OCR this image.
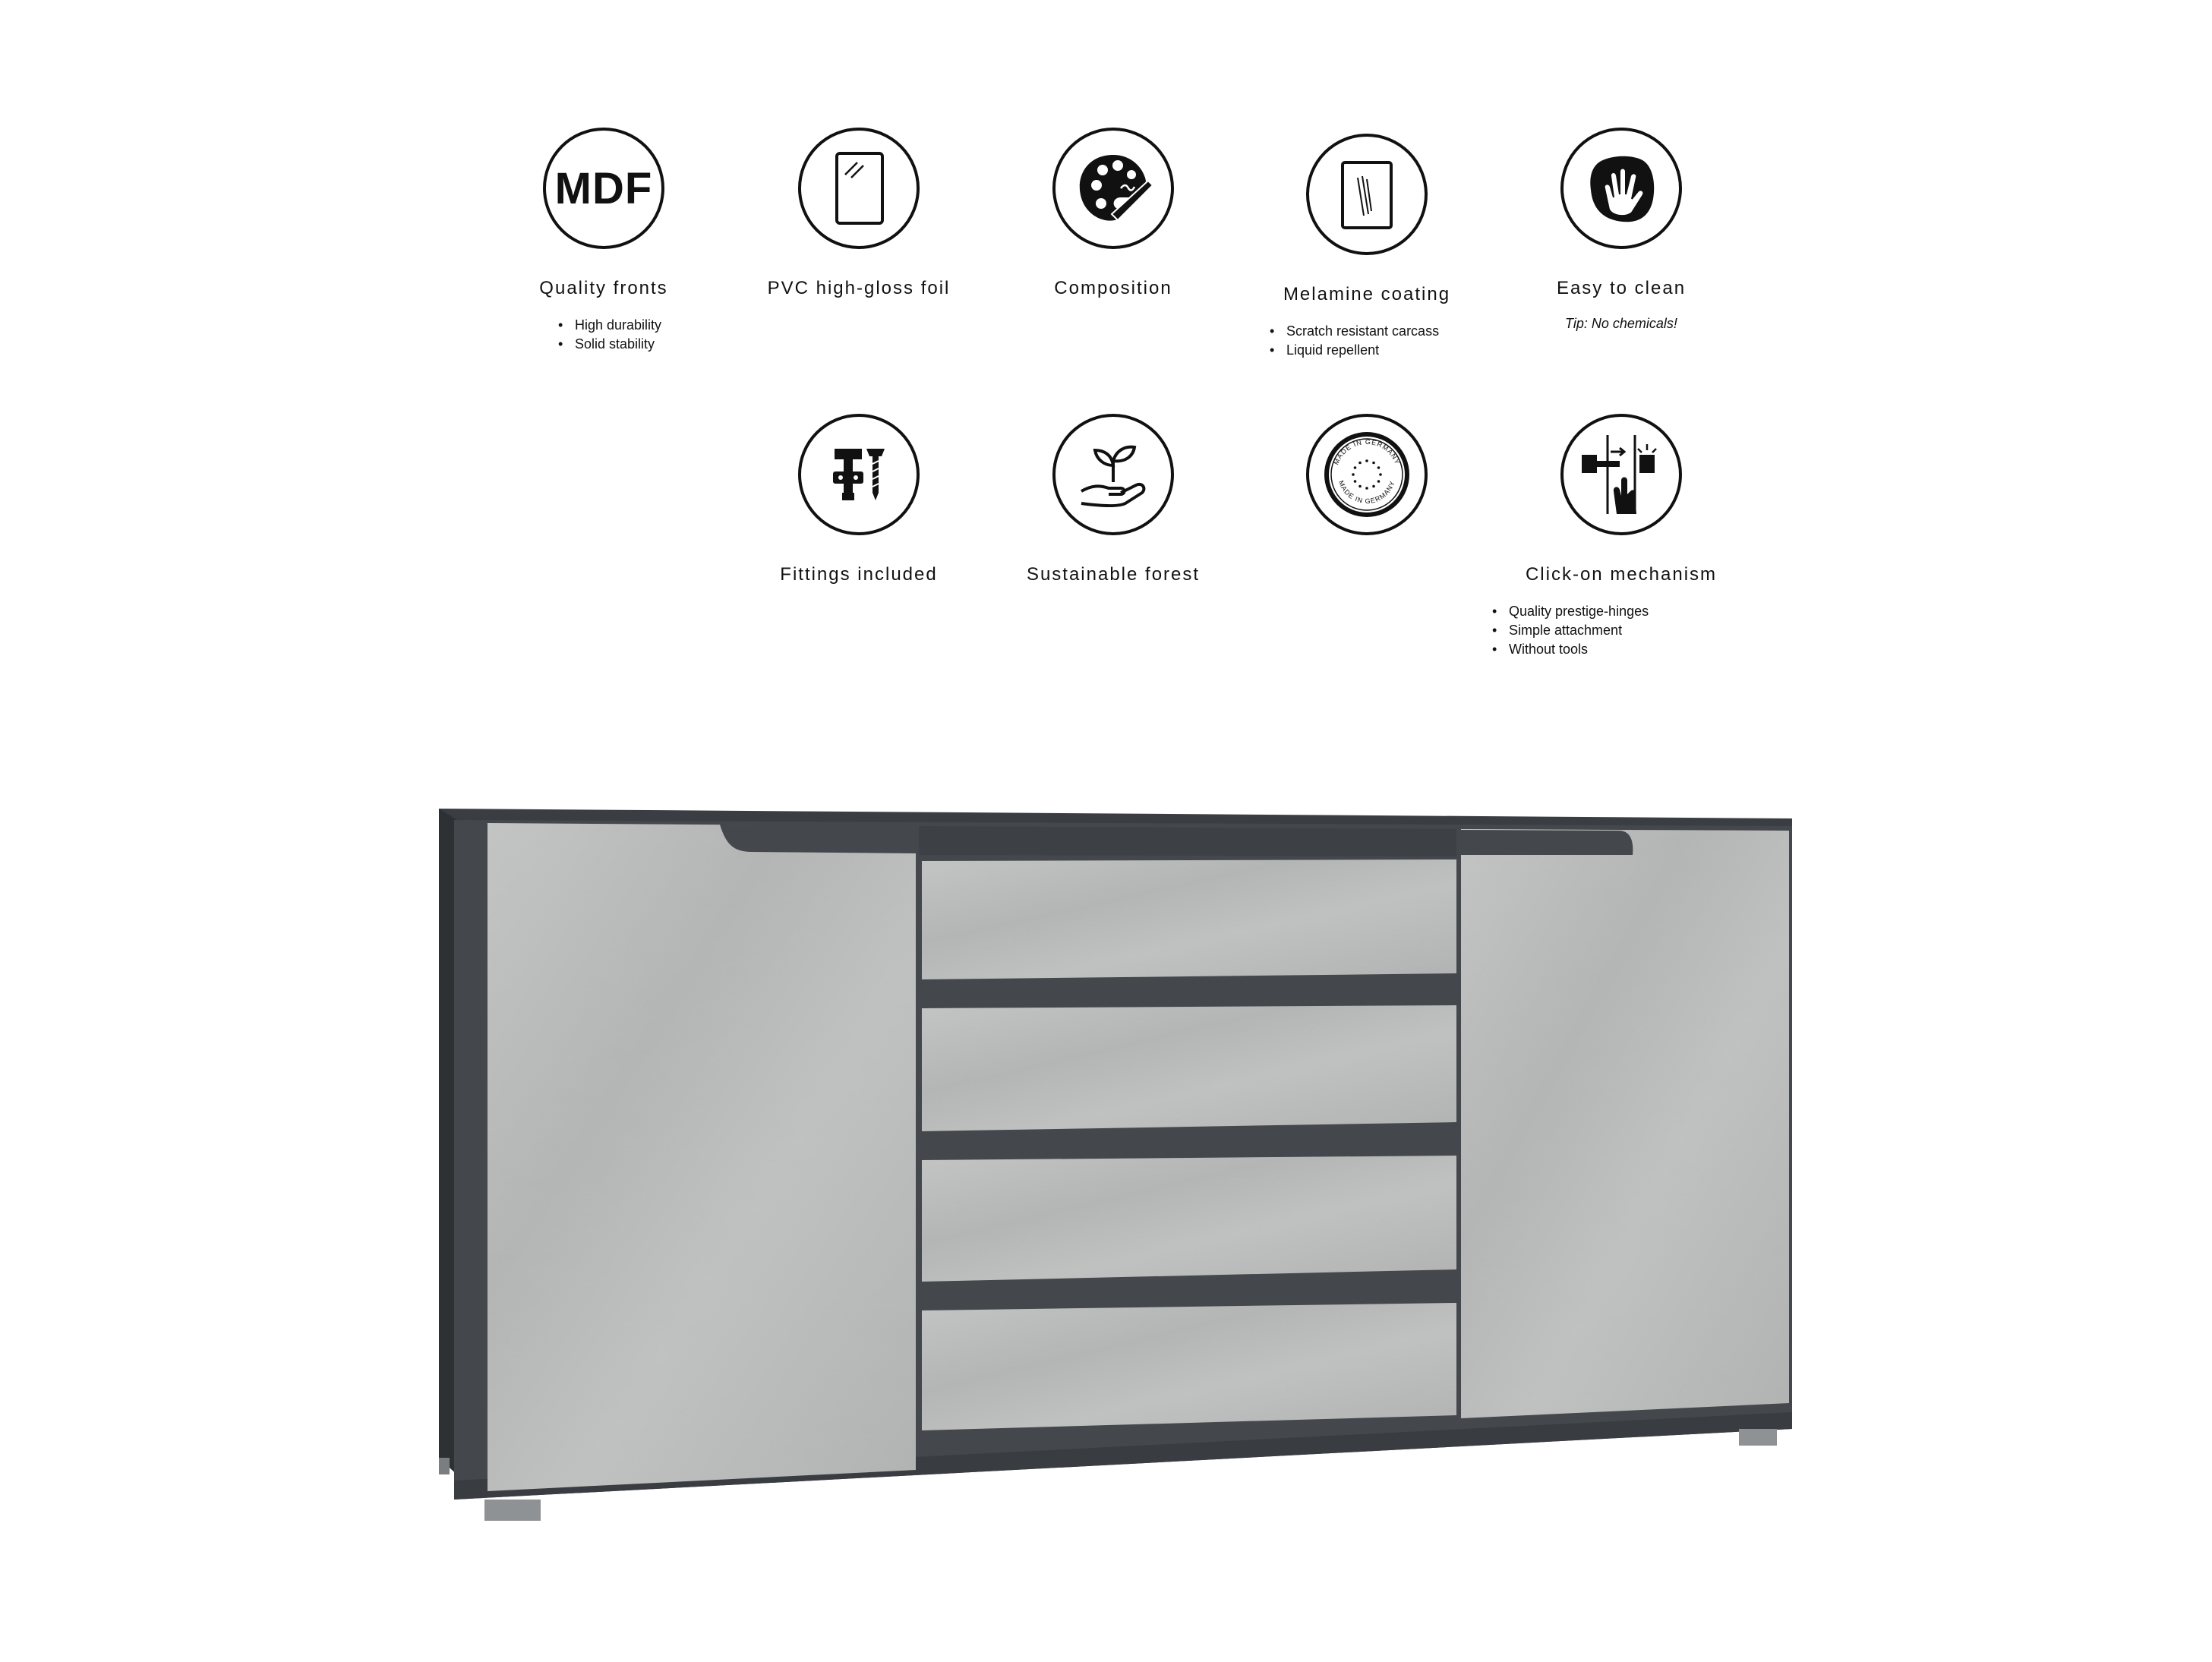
MDF
Quality fronts
• High durability
• Solid stability
PVC high-gloss foil	Composition	Melamine coating
• Scratch resistant carcass
• Liquid repellent
Easy to clean
Tip: No chemicals!
Fittings included	Sustainable forest
MADE IN GERMANY
MADE IN GERMANY
Click-on mechanism
• Quality prestige-hinges
• Simple attachment
• Without tools
